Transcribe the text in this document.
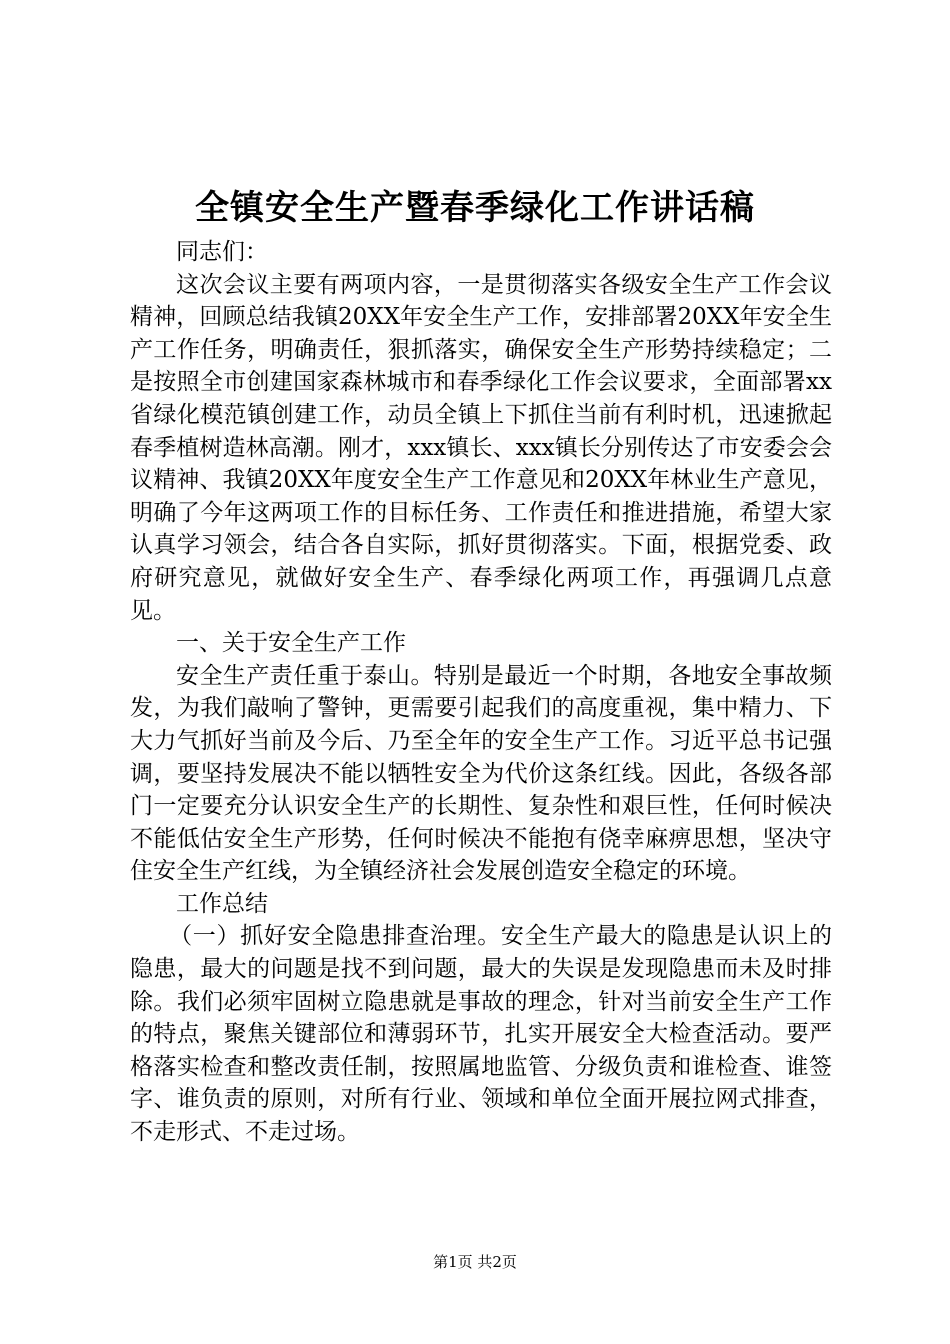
全镇安全生产暨春季绿化工作讲话稿

同志们：

这次会议主要有两项内容，一是贯彻落实各级安全生产工作会议精神，回顾总结我镇20XX年安全生产工作，安排部署20XX年安全生产工作任务，明确责任，狠抓落实，确保安全生产形势持续稳定；二是按照全市创建国家森林城市和春季绿化工作会议要求，全面部署xx省绿化模范镇创建工作，动员全镇上下抓住当前有利时机，迅速掀起春季植树造林高潮。刚才，xxx镇长、xxx镇长分别传达了市安委会会议精神、我镇20XX年度安全生产工作意见和20XX年林业生产意见，明确了今年这两项工作的目标任务、工作责任和推进措施，希望大家认真学习领会，结合各自实际，抓好贯彻落实。下面，根据党委、政府研究意见，就做好安全生产、春季绿化两项工作，再强调几点意见。

一、关于安全生产工作

安全生产责任重于泰山。特别是最近一个时期，各地安全事故频发，为我们敲响了警钟，更需要引起我们的高度重视，集中精力、下大力气抓好当前及今后、乃至全年的安全生产工作。习近平总书记强调，要坚持发展决不能以牺牲安全为代价这条红线。因此，各级各部门一定要充分认识安全生产的长期性、复杂性和艰巨性，任何时候决不能低估安全生产形势，任何时候决不能抱有侥幸麻痹思想，坚决守住安全生产红线，为全镇经济社会发展创造安全稳定的环境。

工作总结

（一）抓好安全隐患排查治理。安全生产最大的隐患是认识上的隐患，最大的问题是找不到问题，最大的失误是发现隐患而未及时排除。我们必须牢固树立隐患就是事故的理念，针对当前安全生产工作的特点，聚焦关键部位和薄弱环节，扎实开展安全大检查活动。要严格落实检查和整改责任制，按照属地监管、分级负责和谁检查、谁签字、谁负责的原则，对所有行业、领域和单位全面开展拉网式排查，不走形式、不走过场。

第1页 共2页
